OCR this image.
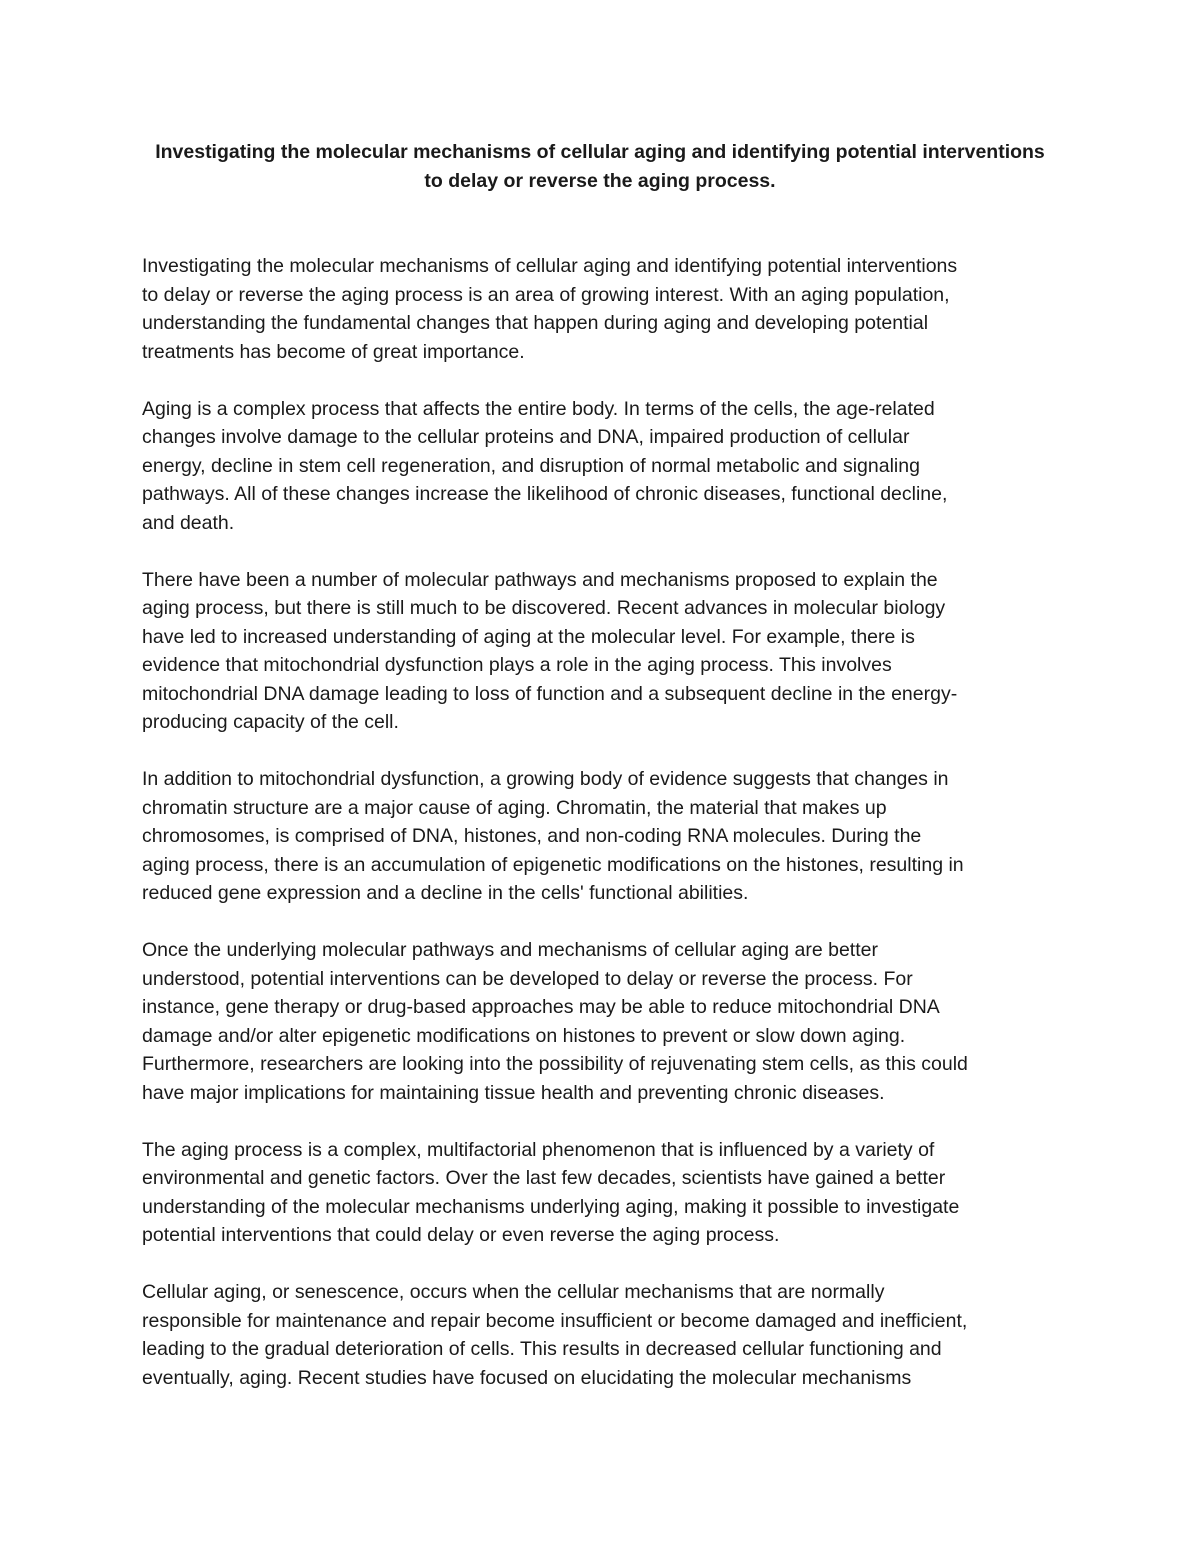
Investigating the molecular mechanisms of cellular aging and identifying potential interventions
to delay or reverse the aging process.

Investigating the molecular mechanisms of cellular aging and identifying potential interventions
to delay or reverse the aging process is an area of growing interest. With an aging population,
understanding the fundamental changes that happen during aging and developing potential
treatments has become of great importance.

Aging is a complex process that affects the entire body. In terms of the cells, the age-related
changes involve damage to the cellular proteins and DNA, impaired production of cellular
energy, decline in stem cell regeneration, and disruption of normal metabolic and signaling
pathways. All of these changes increase the likelihood of chronic diseases, functional decline,
and death.

There have been a number of molecular pathways and mechanisms proposed to explain the
aging process, but there is still much to be discovered. Recent advances in molecular biology
have led to increased understanding of aging at the molecular level. For example, there is
evidence that mitochondrial dysfunction plays a role in the aging process. This involves
mitochondrial DNA damage leading to loss of function and a subsequent decline in the energy-
producing capacity of the cell.

In addition to mitochondrial dysfunction, a growing body of evidence suggests that changes in
chromatin structure are a major cause of aging. Chromatin, the material that makes up
chromosomes, is comprised of DNA, histones, and non-coding RNA molecules. During the
aging process, there is an accumulation of epigenetic modifications on the histones, resulting in
reduced gene expression and a decline in the cells' functional abilities.

Once the underlying molecular pathways and mechanisms of cellular aging are better
understood, potential interventions can be developed to delay or reverse the process. For
instance, gene therapy or drug-based approaches may be able to reduce mitochondrial DNA
damage and/or alter epigenetic modifications on histones to prevent or slow down aging.
Furthermore, researchers are looking into the possibility of rejuvenating stem cells, as this could
have major implications for maintaining tissue health and preventing chronic diseases.

The aging process is a complex, multifactorial phenomenon that is influenced by a variety of
environmental and genetic factors. Over the last few decades, scientists have gained a better
understanding of the molecular mechanisms underlying aging, making it possible to investigate
potential interventions that could delay or even reverse the aging process.

Cellular aging, or senescence, occurs when the cellular mechanisms that are normally
responsible for maintenance and repair become insufficient or become damaged and inefficient,
leading to the gradual deterioration of cells. This results in decreased cellular functioning and
eventually, aging. Recent studies have focused on elucidating the molecular mechanisms
